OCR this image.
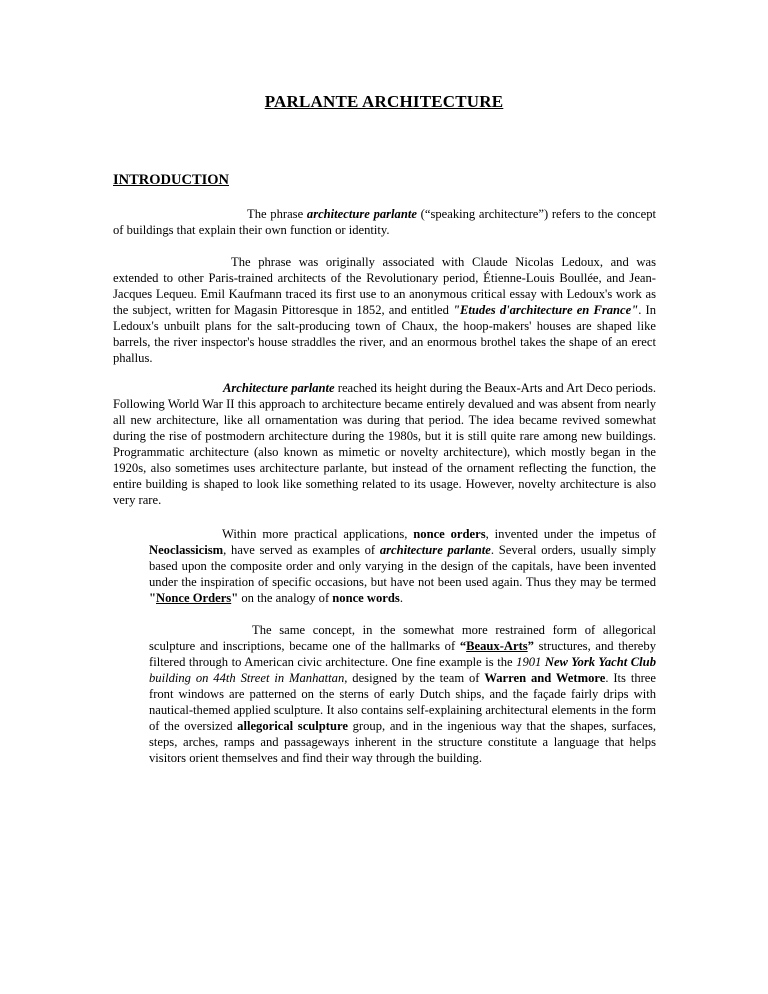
PARLANTE ARCHITECTURE
INTRODUCTION

The phrase architecture parlante (“speaking architecture”) refers to the concept of buildings that explain their own function or identity.

The phrase was originally associated with Claude Nicolas Ledoux, and was extended to other Paris-trained architects of the Revolutionary period, Étienne-Louis Boullée, and Jean-Jacques Lequeu. Emil Kaufmann traced its first use to an anonymous critical essay with Ledoux's work as the subject, written for Magasin Pittoresque in 1852, and entitled "Etudes d'architecture en France". In Ledoux's unbuilt plans for the salt-producing town of Chaux, the hoop-makers' houses are shaped like barrels, the river inspector's house straddles the river, and an enormous brothel takes the shape of an erect phallus.

Architecture parlante reached its height during the Beaux-Arts and Art Deco periods. Following World War II this approach to architecture became entirely devalued and was absent from nearly all new architecture, like all ornamentation was during that period. The idea became revived somewhat during the rise of postmodern architecture during the 1980s, but it is still quite rare among new buildings. Programmatic architecture (also known as mimetic or novelty architecture), which mostly began in the 1920s, also sometimes uses architecture parlante, but instead of the ornament reflecting the function, the entire building is shaped to look like something related to its usage. However, novelty architecture is also very rare.

Within more practical applications, nonce orders, invented under the impetus of Neoclassicism, have served as examples of architecture parlante. Several orders, usually simply based upon the composite order and only varying in the design of the capitals, have been invented under the inspiration of specific occasions, but have not been used again. Thus they may be termed "Nonce Orders" on the analogy of nonce words.

The same concept, in the somewhat more restrained form of allegorical sculpture and inscriptions, became one of the hallmarks of “Beaux-Arts” structures, and thereby filtered through to American civic architecture. One fine example is the 1901 New York Yacht Club building on 44th Street in Manhattan, designed by the team of Warren and Wetmore. Its three front windows are patterned on the sterns of early Dutch ships, and the façade fairly drips with nautical-themed applied sculpture. It also contains self-explaining architectural elements in the form of the oversized allegorical sculpture group, and in the ingenious way that the shapes, surfaces, steps, arches, ramps and passageways inherent in the structure constitute a language that helps visitors orient themselves and find their way through the building.
